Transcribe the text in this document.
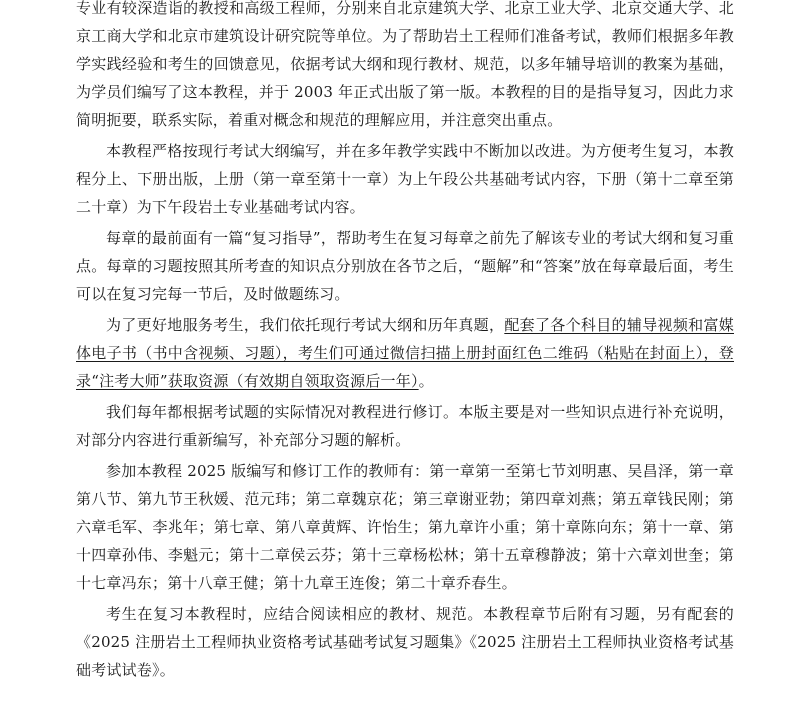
专业有较深造诣的教授和高级工程师，分别来自北京建筑大学、北京工业大学、北京交通大学、北京工商大学和北京市建筑设计研究院等单位。为了帮助岩土工程师们准备考试，教师们根据多年教学实践经验和考生的回馈意见，依据考试大纲和现行教材、规范，以多年辅导培训的教案为基础，为学员们编写了这本教程，并于 2003 年正式出版了第一版。本教程的目的是指导复习，因此力求简明扼要，联系实际，着重对概念和规范的理解应用，并注意突出重点。

本教程严格按现行考试大纲编写，并在多年教学实践中不断加以改进。为方便考生复习，本教程分上、下册出版，上册（第一章至第十一章）为上午段公共基础考试内容，下册（第十二章至第二十章）为下午段岩土专业基础考试内容。

每章的最前面有一篇“复习指导”，帮助考生在复习每章之前先了解该专业的考试大纲和复习重点。每章的习题按照其所考查的知识点分别放在各节之后，“题解”和“答案”放在每章最后面，考生可以在复习完每一节后，及时做题练习。

为了更好地服务考生，我们依托现行考试大纲和历年真题，配套了各个科目的辅导视频和富媒体电子书（书中含视频、习题），考生们可通过微信扫描上册封面红色二维码（粘贴在封面上），登录“注考大师”获取资源（有效期自领取资源后一年）。

我们每年都根据考试题的实际情况对教程进行修订。本版主要是对一些知识点进行补充说明，对部分内容进行重新编写，补充部分习题的解析。

参加本教程 2025 版编写和修订工作的教师有：第一章第一至第七节刘明惠、吴昌泽，第一章第八节、第九节王秋媛、范元玮；第二章魏京花；第三章谢亚勃；第四章刘燕；第五章钱民刚；第六章毛军、李兆年；第七章、第八章黄辉、许怡生；第九章许小重；第十章陈向东；第十一章、第十四章孙伟、李魁元；第十二章侯云芬；第十三章杨松林；第十五章穆静波；第十六章刘世奎；第十七章冯东；第十八章王健；第十九章王连俊；第二十章乔春生。

考生在复习本教程时，应结合阅读相应的教材、规范。本教程章节后附有习题，另有配套的《2025 注册岩土工程师执业资格考试基础考试复习题集》《2025 注册岩土工程师执业资格考试基础考试试卷》。
